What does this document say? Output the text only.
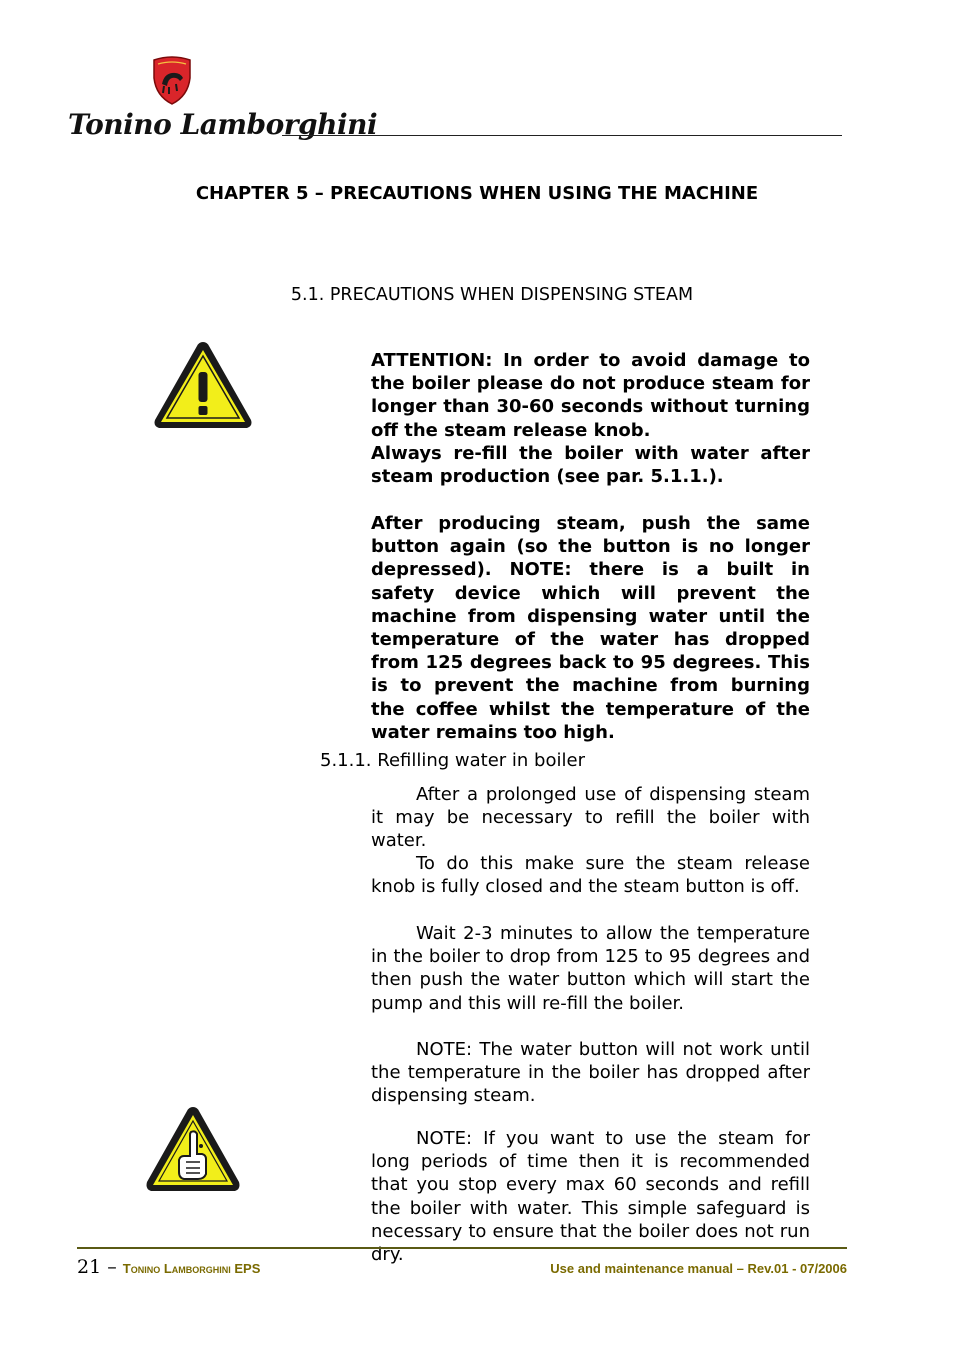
Tonino Lamborghini
CHAPTER 5 – PRECAUTIONS WHEN USING THE MACHINE
5.1. PRECAUTIONS WHEN DISPENSING STEAM

ATTENTION: In order to avoid damage to the boiler please do not produce steam for longer than 30-60 seconds without turning off the steam release knob.

Always re-fill the boiler with water after steam production (see par. 5.1.1.).

After producing steam, push the same button again (so the button is no longer depressed). NOTE: there is a built in safety device which will prevent the machine from dispensing water until the temperature of the water has dropped from 125 degrees back to 95 degrees. This is to prevent the machine from burning the coffee whilst the temperature of the water remains too high.

5.1.1. Refilling water in boiler

After a prolonged use of dispensing steam it may be necessary to refill the boiler with water.

To do this make sure the steam release knob is fully closed and the steam button is off.

Wait 2-3 minutes to allow the temperature in the boiler to drop from 125 to 95 degrees and then push the water button which will start the pump and this will re-fill the boiler.

NOTE: The water button will not work until the temperature in the boiler has dropped after dispensing steam.

NOTE: If you want to use the steam for long periods of time then it is recommended that you stop every max 60 seconds and refill the boiler with water. This simple safeguard is necessary to ensure that the boiler does not run dry.

21 – Tonino Lamborghini EPS	Use and maintenance manual – Rev.01 - 07/2006
